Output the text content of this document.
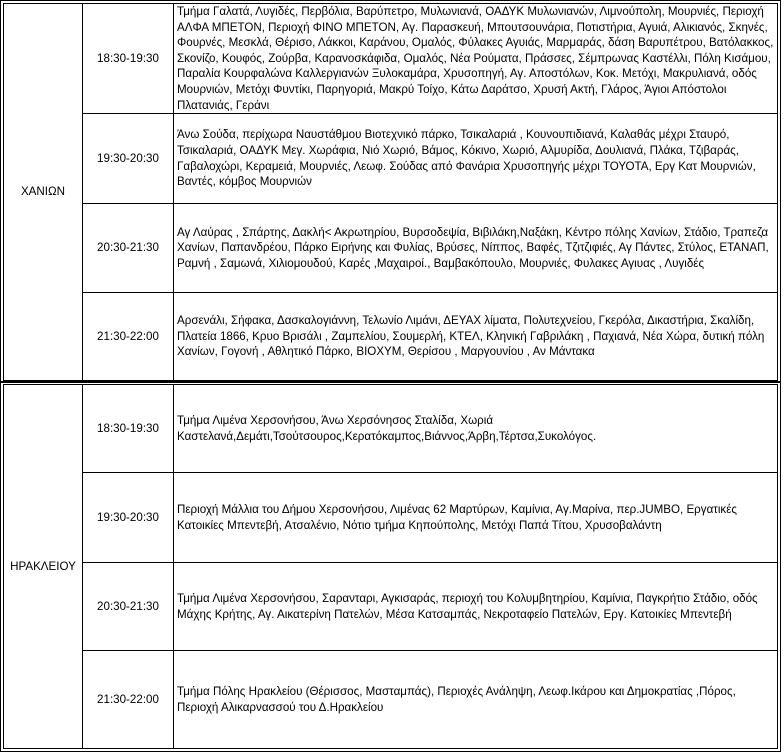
ΧΑΝΙΩΝ	18:30-19:30	Τμήμα Γαλατά, Λυγιδές, Περβόλια, Βαρύπετρο, Μυλωνιανά, ΟΑΔΥΚ Μυλωνιανών, Λιμνούπολη, Μουρνιές, Περιοχή ΑΛΦΑ ΜΠΕΤΟΝ, Περιοχή ΦΙΝΟ ΜΠΕΤΟΝ, Αγ. Παρασκευή, Μπουτσουνάρια, Ποτιστήρια, Αγυιά, Αλικιανός, Σκηνές, Φουρνές, Μεσκλά, Θέρισο, Λάκκοι, Καράνου, Ομαλός, Φύλακες Αγυιάς, Μαρμαράς, δάση Βαρυπέτρου, Βατόλακκος, Σκονίζο, Κουφός, Ζούρβα, Καρανοσκάφιδα, Ομαλός, Νέα Ρούματα, Πράσσες, Σέμπρωνας Καστέλλι, Πόλη Κισάμου, Παραλία Κουρφαλώνα Καλλεργιανών Ξυλοκαμάρα, Χρυσοπηγή, Αγ. Αποστόλων, Κοκ. Μετόχι, Μακρυλιανά, οδός Μουρνιών, Μετόχι Φυντίκι, Παρηγοριά, Μακρύ Τοίχο, Κάτω Δαράτσο, Χρυσή Ακτή, Γλάρος, Άγιοι Απόστολοι Πλατανιάς, Γεράνι

	19:30-20:30	Άνω Σούδα, περίχωρα Ναυστάθμου Βιοτεχνικό πάρκο, Τσικαλαριά , Κουνουπιδιανά, Καλαθάς μέχρι Σταυρό, Τσικαλαριά, ΟΑΔΥΚ Μεγ. Χωράφια, Νιό Χωριό, Βάμος, Κόκινο, Χωριό, Αλμυρίδα, Δουλιανά, Πλάκα, Τζιβαράς, Γαβαλοχώρι, Κεραμειά, Μουρνιές, Λεωφ. Σούδας από Φανάρια Χρυσοπηγής μέχρι ΤΟΥΟΤΑ, Εργ Κατ Μουρνιών, Βαντές, κόμβος Μουρνιών

	20:30-21:30	Αγ Λαύρας , Σπάρτης, Δακλή< Ακρωτηρίου, Βυρσοδεψία, Βιβιλάκη,Ναξάκη, Κέντρο πόλης Χανίων, Στάδιο, Τραπεζα Χανίων, Παπανδρέου, Πάρκο Ειρήνης και Φυλίας, Βρύσες, Νίππος, Βαφές, Τζιτζιφιές, Αγ Πάντες, Στύλος, ΕΤΑΝΑΠ, Ραμνή , Σαμωνά, Χιλιομουδού, Καρές ,Μαχαιροί., Βαμβακόπουλο, Μουρνιές, Φυλακες Αγιυας , Λυγιδές

	21:30-22:00	Αρσενάλι, Σήφακα, Δασκαλογιάννη, Τελωνίο Λιμάνι, ΔΕΥΑΧ λίματα, Πολυτεχνείου, Γκερόλα, Δικαστήρια, Σκαλίδη, Πλατεία 1866, Κρυο Βρισάλι , Ζαμπελίου, Σουμερλή, ΚΤΕΛ, Κληνική Γαβριλάκη , Παχιανά, Νέα Χώρα, δυτική πόλη Χανίων, Γογονή , Αθλητικό Πάρκο, ΒΙΟΧΥΜ, Θερίσου , Μαργουνίου , Αν Μάντακα
ΗΡΑΚΛΕΙΟΥ	18:30-19:30	Τμήμα Λιμένα Χερσονήσου, Άνω Χερσόνησος Σταλίδα, Χωριά Καστελανά,Δεμάτι,Τσούτσουρος,Κερατόκαμπος,Βιάννος,Άρβη,Τέρτσα,Συκολόγος.

	19:30-20:30	Περιοχή Μάλλια του Δήμου Χερσονήσου, Λιμένας 62 Μαρτύρων, Καμίνια, Αγ.Μαρίνα, περ.JUMBO, Εργατικές Κατοικίες Μπεντεβή, Ατσαλένιο, Νότιο τμήμα Κηπούπολης, Μετόχι Παπά Τίτου, Χρυσοβαλάντη

	20:30-21:30	Τμήμα Λιμένα Χερσονήσου, Σαρανταρι, Αγκισαράς, περιοχή του Κολυμβητηρίου, Καμίνια, Παγκρήτιο Στάδιο, οδός Μάχης Κρήτης, Αγ. Αικατερίνη Πατελών, Μέσα Κατσαμπάς, Νεκροταφείο Πατελών, Εργ. Κατοικίες Μπεντεβή

	21:30-22:00	Τμήμα Πόλης Ηρακλείου (Θέρισσος, Μασταμπάς), Περιοχές Ανάληψη, Λεωφ.Ικάρου και Δημοκρατίας ,Πόρος, Περιοχή Αλικαρνασσού του Δ.Ηρακλείου
